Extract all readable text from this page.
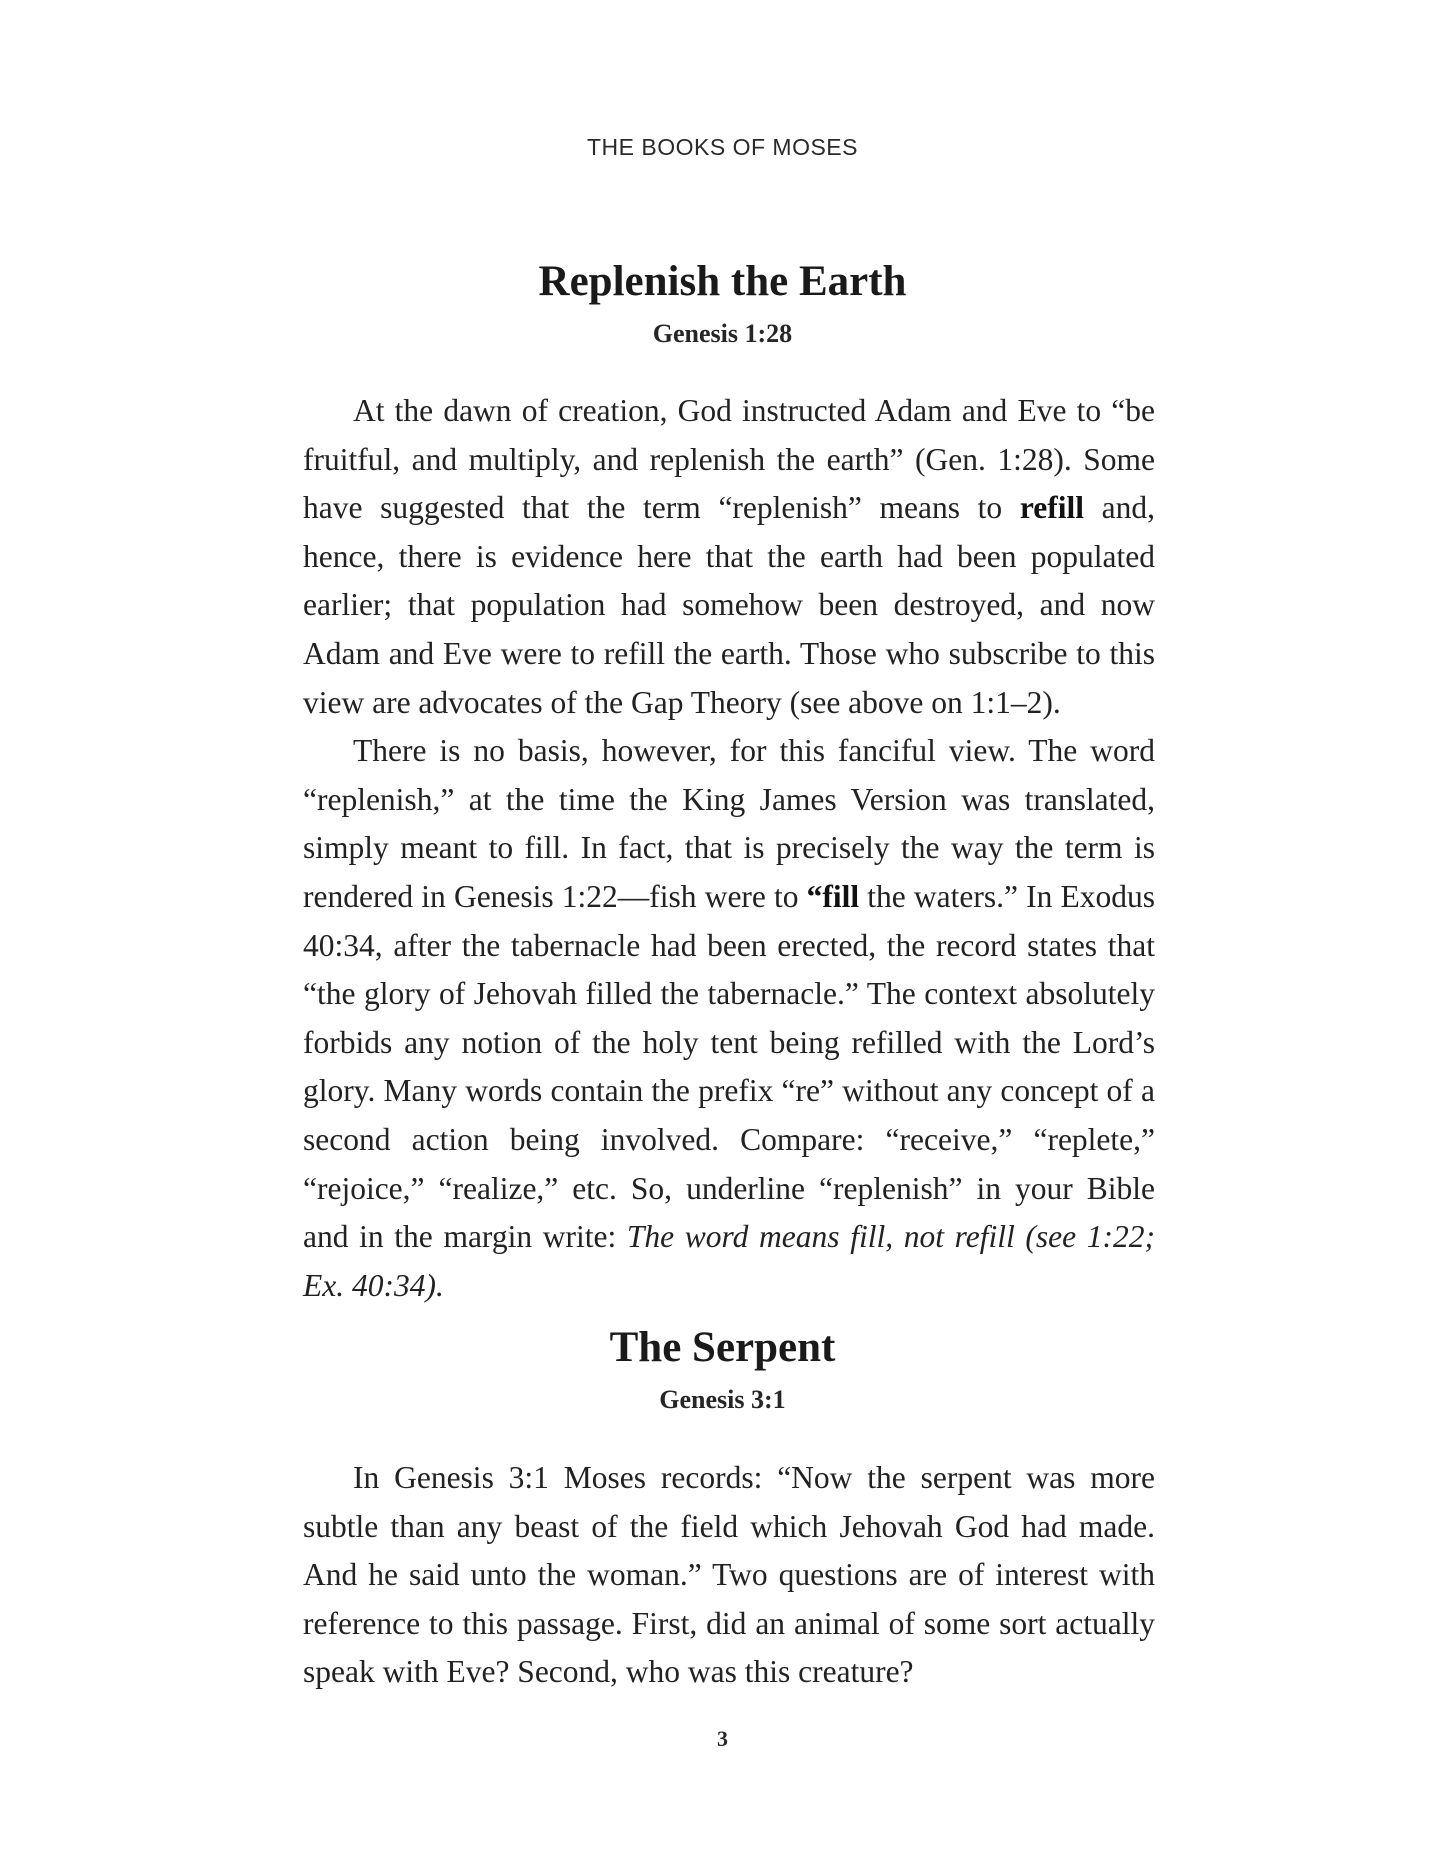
THE BOOKS OF MOSES
Replenish the Earth
Genesis 1:28

At the dawn of creation, God instructed Adam and Eve to “be fruitful, and multiply, and replenish the earth” (Gen. 1:28). Some have suggested that the term “replenish” means to refill and, hence, there is evidence here that the earth had been populated earlier; that population had somehow been destroyed, and now Adam and Eve were to refill the earth. Those who subscribe to this view are advocates of the Gap Theory (see above on 1:1–2).

There is no basis, however, for this fanciful view. The word “replenish,” at the time the King James Version was translated, simply meant to fill. In fact, that is precisely the way the term is rendered in Genesis 1:22—fish were to “fill the waters.” In Exodus 40:34, after the tabernacle had been erected, the record states that “the glory of Jehovah filled the tabernacle.” The context absolutely forbids any notion of the holy tent being refilled with the Lord’s glory. Many words contain the prefix “re” without any concept of a second action being involved. Compare: “receive,” “replete,” “rejoice,” “realize,” etc. So, underline “replenish” in your Bible and in the margin write: The word means fill, not refill (see 1:22; Ex. 40:34).

The Serpent
Genesis 3:1

In Genesis 3:1 Moses records: “Now the serpent was more subtle than any beast of the field which Jehovah God had made. And he said unto the woman.” Two questions are of interest with reference to this passage. First, did an animal of some sort actually speak with Eve? Second, who was this creature?

3
